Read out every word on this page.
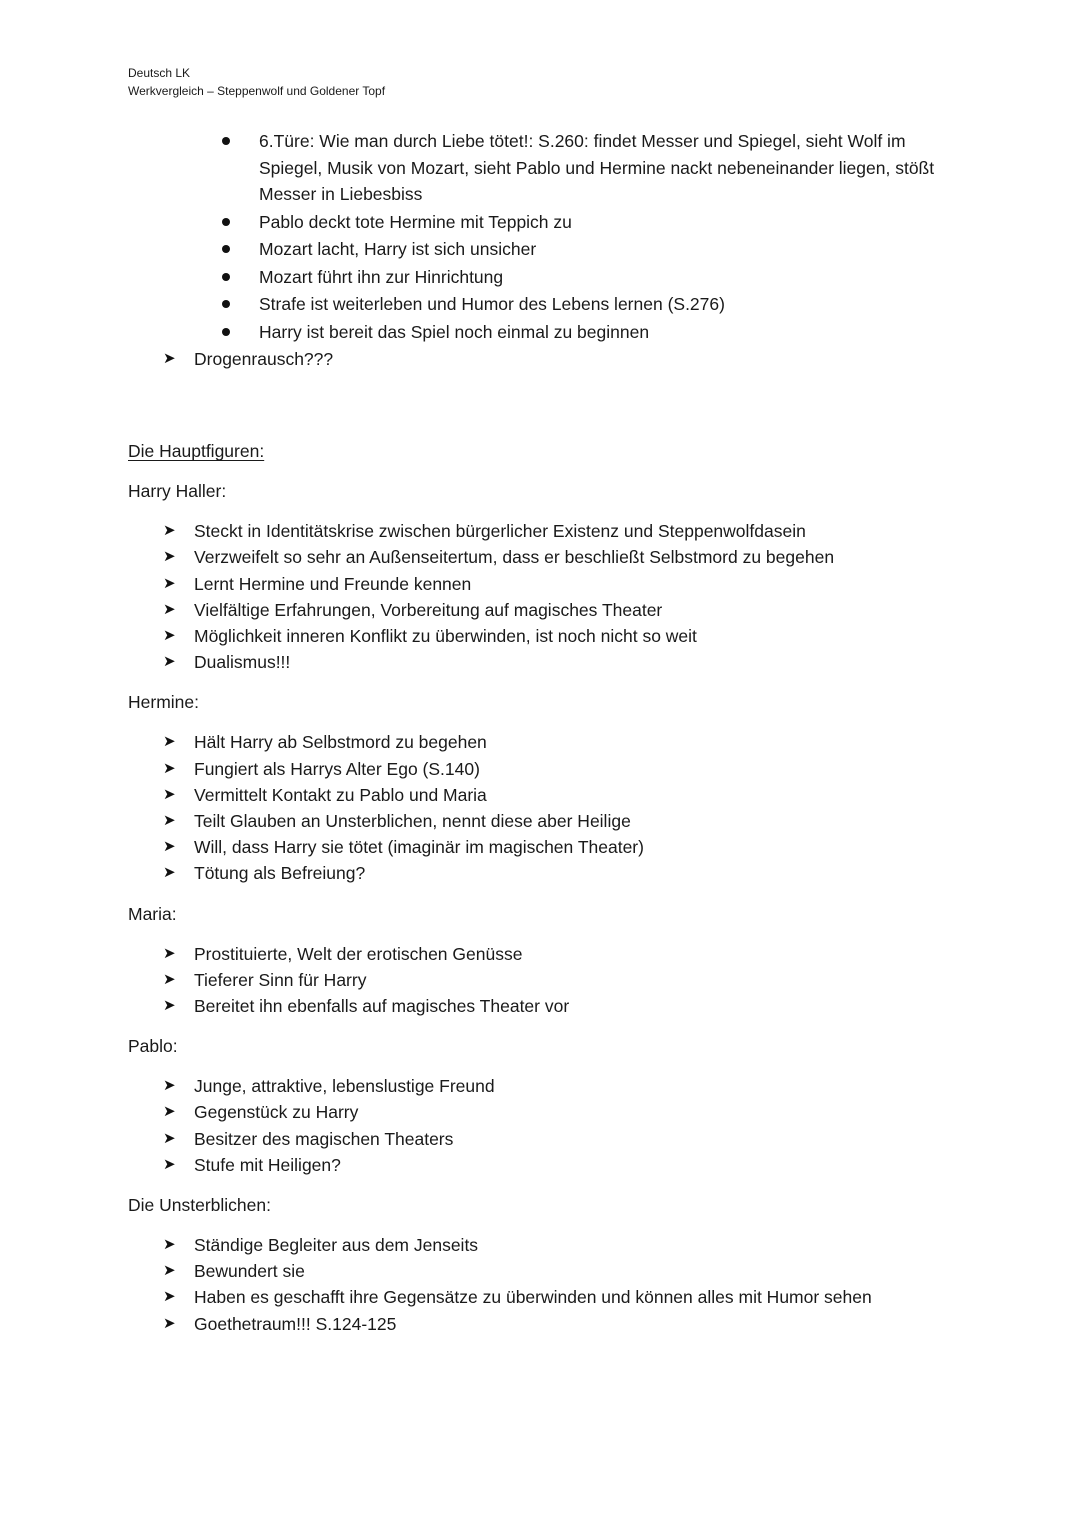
Deutsch LK
Werkvergleich – Steppenwolf und Goldener Topf
6.Türe: Wie man durch Liebe tötet!: S.260: findet Messer und Spiegel, sieht Wolf im Spiegel, Musik von Mozart, sieht Pablo und Hermine nackt nebeneinander liegen, stößt Messer in Liebesbiss
Pablo deckt tote Hermine mit Teppich zu
Mozart lacht, Harry ist sich unsicher
Mozart führt ihn zur Hinrichtung
Strafe ist weiterleben und Humor des Lebens lernen (S.276)
Harry ist bereit das Spiel noch einmal zu beginnen
➤ Drogenrausch???
Die Hauptfiguren:
Harry Haller:
➤ Steckt in Identitätskrise zwischen bürgerlicher Existenz und Steppenwolfdasein
➤ Verzweifelt so sehr an Außenseitertum, dass er beschließt Selbstmord zu begehen
➤ Lernt Hermine und Freunde kennen
➤ Vielfältige Erfahrungen, Vorbereitung auf magisches Theater
➤ Möglichkeit inneren Konflikt zu überwinden, ist noch nicht so weit
➤ Dualismus!!!
Hermine:
➤ Hält Harry ab Selbstmord zu begehen
➤ Fungiert als Harrys Alter Ego (S.140)
➤ Vermittelt Kontakt zu Pablo und Maria
➤ Teilt Glauben an Unsterblichen, nennt diese aber Heilige
➤ Will, dass Harry sie tötet (imaginär im magischen Theater)
➤ Tötung als Befreiung?
Maria:
➤ Prostituierte, Welt der erotischen Genüsse
➤ Tieferer Sinn für Harry
➤ Bereitet ihn ebenfalls auf magisches Theater vor
Pablo:
➤ Junge, attraktive, lebenslustige Freund
➤ Gegenstück zu Harry
➤ Besitzer des magischen Theaters
➤ Stufe mit Heiligen?
Die Unsterblichen:
➤ Ständige Begleiter aus dem Jenseits
➤ Bewundert sie
➤ Haben es geschafft ihre Gegensätze zu überwinden und können alles mit Humor sehen
➤ Goethetraum!!! S.124-125
